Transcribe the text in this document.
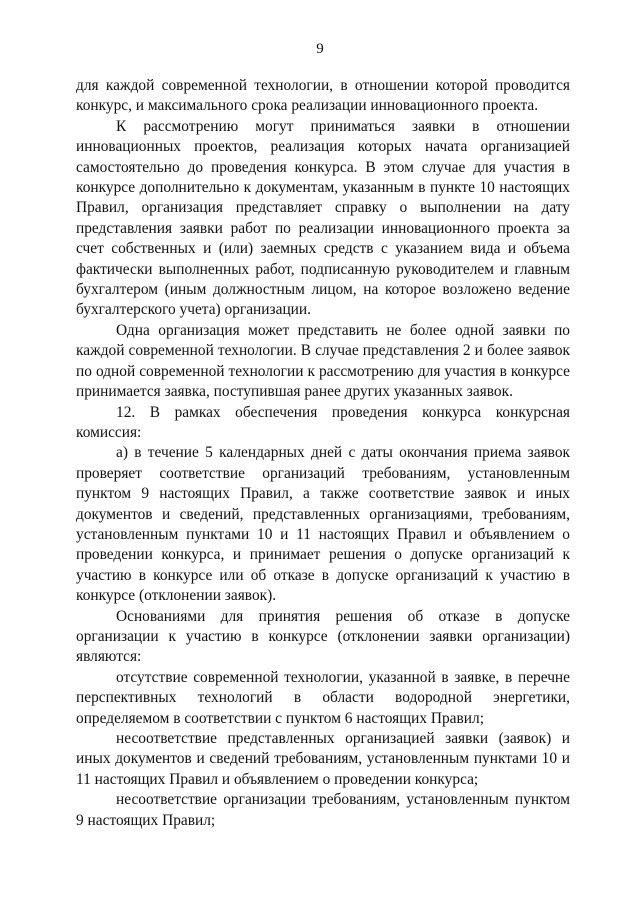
9

для каждой современной технологии, в отношении которой проводится конкурс, и максимального срока реализации инновационного проекта.

К рассмотрению могут приниматься заявки в отношении инновационных проектов, реализация которых начата организацией самостоятельно до проведения конкурса. В этом случае для участия в конкурсе дополнительно к документам, указанным в пункте 10 настоящих Правил, организация представляет справку о выполнении на дату представления заявки работ по реализации инновационного проекта за счет собственных и (или) заемных средств с указанием вида и объема фактически выполненных работ, подписанную руководителем и главным бухгалтером (иным должностным лицом, на которое возложено ведение бухгалтерского учета) организации.

Одна организация может представить не более одной заявки по каждой современной технологии. В случае представления 2 и более заявок по одной современной технологии к рассмотрению для участия в конкурсе принимается заявка, поступившая ранее других указанных заявок.

12. В рамках обеспечения проведения конкурса конкурсная комиссия:

а) в течение 5 календарных дней с даты окончания приема заявок проверяет соответствие организаций требованиям, установленным пунктом 9 настоящих Правил, а также соответствие заявок и иных документов и сведений, представленных организациями, требованиям, установленным пунктами 10 и 11 настоящих Правил и объявлением о проведении конкурса, и принимает решения о допуске организаций к участию в конкурсе или об отказе в допуске организаций к участию в конкурсе (отклонении заявок).

Основаниями для принятия решения об отказе в допуске организации к участию в конкурсе (отклонении заявки организации) являются:

отсутствие современной технологии, указанной в заявке, в перечне перспективных технологий в области водородной энергетики, определяемом в соответствии с пунктом 6 настоящих Правил;

несоответствие представленных организацией заявки (заявок) и иных документов и сведений требованиям, установленным пунктами 10 и 11 настоящих Правил и объявлением о проведении конкурса;

несоответствие организации требованиям, установленным пунктом 9 настоящих Правил;
